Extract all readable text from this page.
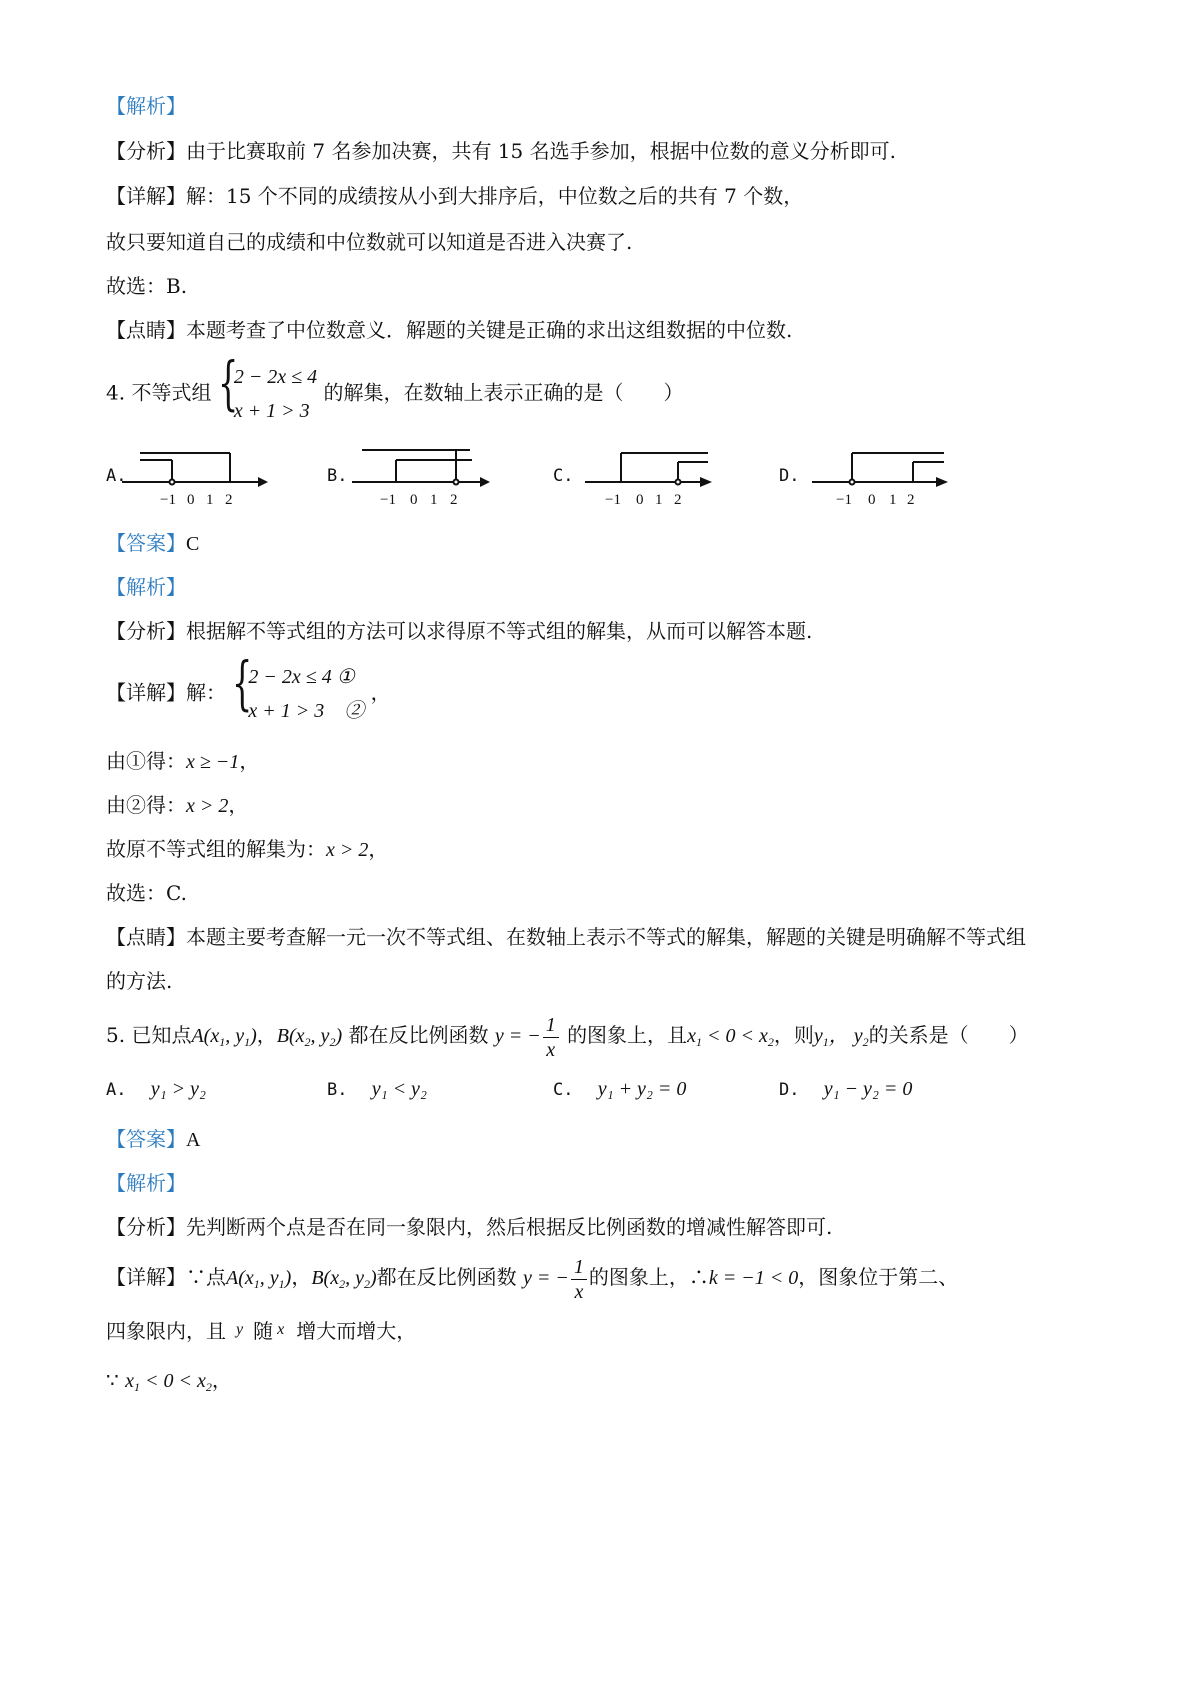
【解析】
【分析】由于比赛取前 7 名参加决赛，共有 15 名选手参加，根据中位数的意义分析即可.
【详解】解：15 个不同的成绩按从小到大排序后，中位数之后的共有 7 个数，
故只要知道自己的成绩和中位数就可以知道是否进入决赛了.
故选：B.
【点睛】本题考查了中位数意义．解题的关键是正确的求出这组数据的中位数.
4. 不等式组 {
2 − 2x ≤ 4
x + 1 > 3
的解集，在数轴上表示正确的是（　　）
A.	B.	C.	D.
−1 0 1 2	−1 0 1 2	−1 0 1 2	−1 0 1 2
【答案】C
【解析】
【分析】根据解不等式组的方法可以求得原不等式组的解集，从而可以解答本题.
【详解】解： {
2 − 2x ≤ 4 ①
x + 1 > 3　②
，
由①得：x ≥ −1，
由②得：x > 2，
故原不等式组的解集为：x > 2，
故选：C.
【点睛】本题主要考查解一元一次不等式组、在数轴上表示不等式的解集，解题的关键是明确解不等式组
的方法.
5. 已知点$A(x_1$, $y_1$)，$B(x_2$, $y_2$) 都在反比例函数 y = − $\frac{1}{x}$ 的图象上，且$x_1 < 0 < x_2$，则$y_1$， $y_2$的关系是（　　）
A. y₁ > y₂	B. y₁ < y₂	C. y₁ + y₂ = 0	D. y₁ − y₂ = 0
【答案】A
【解析】
【分析】先判断两个点是否在同一象限内，然后根据反比例函数的增减性解答即可.
【详解】∵点$A(x_1$, $y_1$)，$B(x_2$, $y_2$)都在反比例函数 y = − $\frac{1}{x}$ 的图象上，∴k = −1 < 0，图象位于第二、
四象限内，且 $^y$ 随 $^x$ 增大而增大，
∵ $x_1 < 0 < x_2$，
